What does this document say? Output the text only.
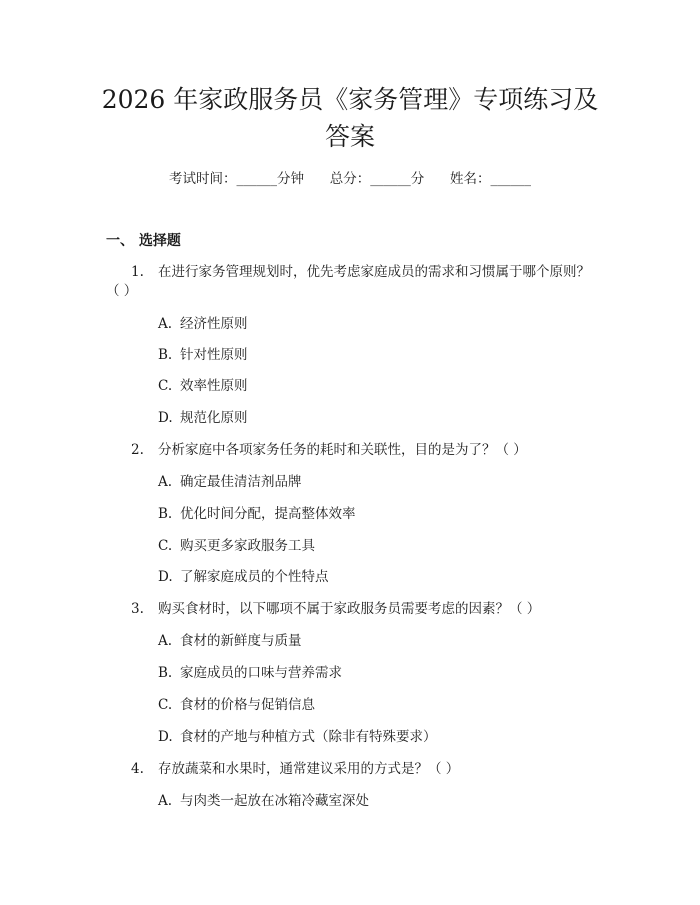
2026 年家政服务员《家务管理》专项练习及
答案
考试时间：______分钟      总分：______分      姓名：______
一、 选择题
1. 在进行家务管理规划时，优先考虑家庭成员的需求和习惯属于哪个原则？
（ ）
A. 经济性原则
B. 针对性原则
C. 效率性原则
D. 规范化原则
2. 分析家庭中各项家务任务的耗时和关联性，目的是为了？（ ）
A. 确定最佳清洁剂品牌
B. 优化时间分配，提高整体效率
C. 购买更多家政服务工具
D. 了解家庭成员的个性特点
3. 购买食材时，以下哪项不属于家政服务员需要考虑的因素？（ ）
A. 食材的新鲜度与质量
B. 家庭成员的口味与营养需求
C. 食材的价格与促销信息
D. 食材的产地与种植方式（除非有特殊要求）
4. 存放蔬菜和水果时，通常建议采用的方式是？（ ）
A. 与肉类一起放在冰箱冷藏室深处
